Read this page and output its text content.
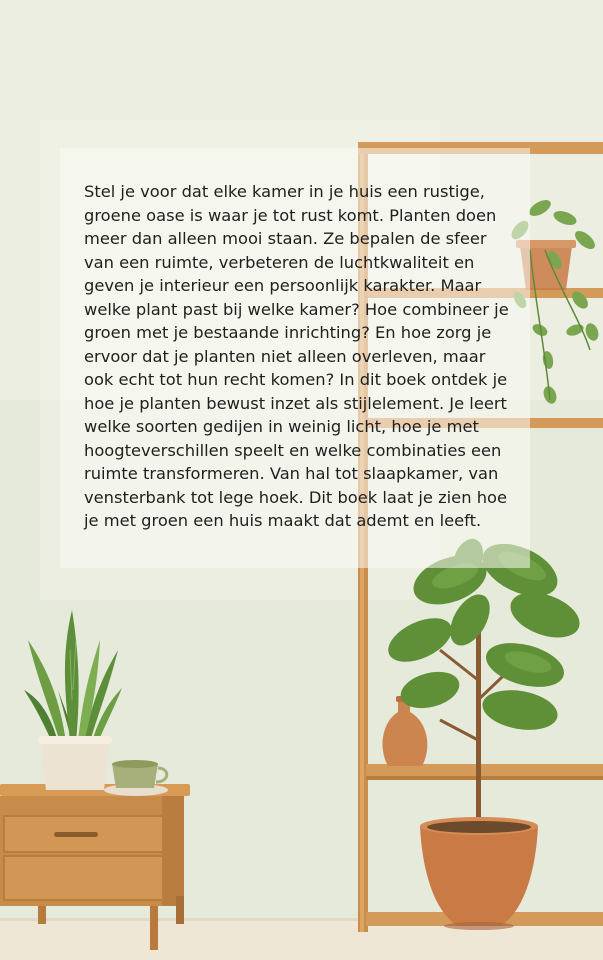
Stel je voor dat elke kamer in je huis een rustige,
groene oase is waar je tot rust komt. Planten doen
meer dan alleen mooi staan. Ze bepalen de sfeer
van een ruimte, verbeteren de luchtkwaliteit en
geven je interieur een persoonlijk karakter. Maar
welke plant past bij welke kamer? Hoe combineer je
groen met je bestaande inrichting? En hoe zorg je
ervoor dat je planten niet alleen overleven, maar
ook echt tot hun recht komen? In dit boek ontdek je
hoe je planten bewust inzet als stijlelement. Je leert
welke soorten gedijen in weinig licht, hoe je met
hoogteverschillen speelt en welke combinaties een
ruimte transformeren. Van hal tot slaapkamer, van
vensterbank tot lege hoek. Dit boek laat je zien hoe
je met groen een huis maakt dat ademt en leeft.
